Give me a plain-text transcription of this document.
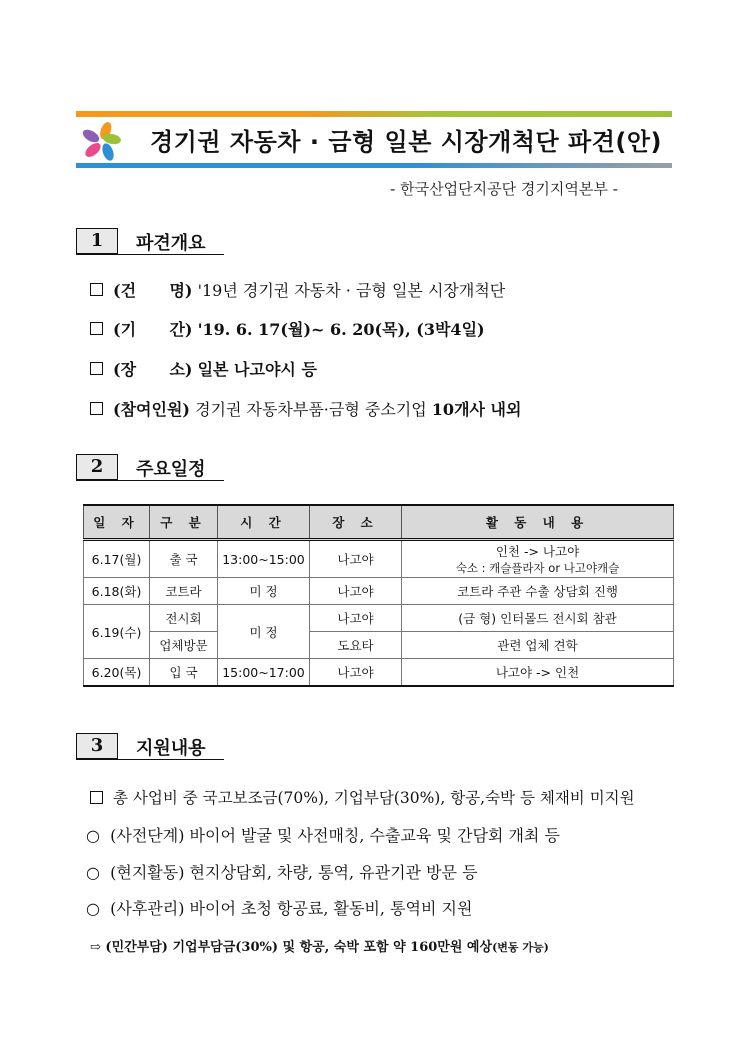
경기권 자동차 · 금형 일본 시장개척단 파견(안)
- 한국산업단지공단 경기지역본부 -
1	파견개요
(건      명)
'19년 경기권 자동차 · 금형 일본 시장개척단
(기      간)
'19. 6. 17(월)~ 6. 20(목), (3박4일)
(장      소)
일본 나고야시 등
(참여인원)
경기권 자동차부품·금형 중소기업 10개사 내외
2	주요일정
일 자	구 분	시 간	장 소	활 동 내 용
6.17(월)	출 국	13:00~15:00	나고야	인천 -> 나고야
숙소 : 캐슬플라자 or 나고야캐슬

6.18(화)	코트라	미 정	나고야	코트라 주관 수출 상담회 진행
6.19(수)	전시회	미 정	나고야	(금 형) 인터몰드 전시회 참관
	업체방문		도요타	관련 업체 견학
6.20(목)	입 국	15:00~17:00	나고야	나고야 -> 인천
3	지원내용
총 사업비 중 국고보조금(70%), 기업부담(30%), 항공,숙박 등 체재비 미지원
○ (사전단계) 바이어 발굴 및 사전매칭, 수출교육 및 간담회 개최 등
○ (현지활동) 현지상담회, 차량, 통역, 유관기관 방문 등
○ (사후관리) 바이어 초청 항공료, 활동비, 통역비 지원
⇨ (민간부담) 기업부담금(30%) 및 항공, 숙박 포함 약 160만원 예상(변동 가능)
